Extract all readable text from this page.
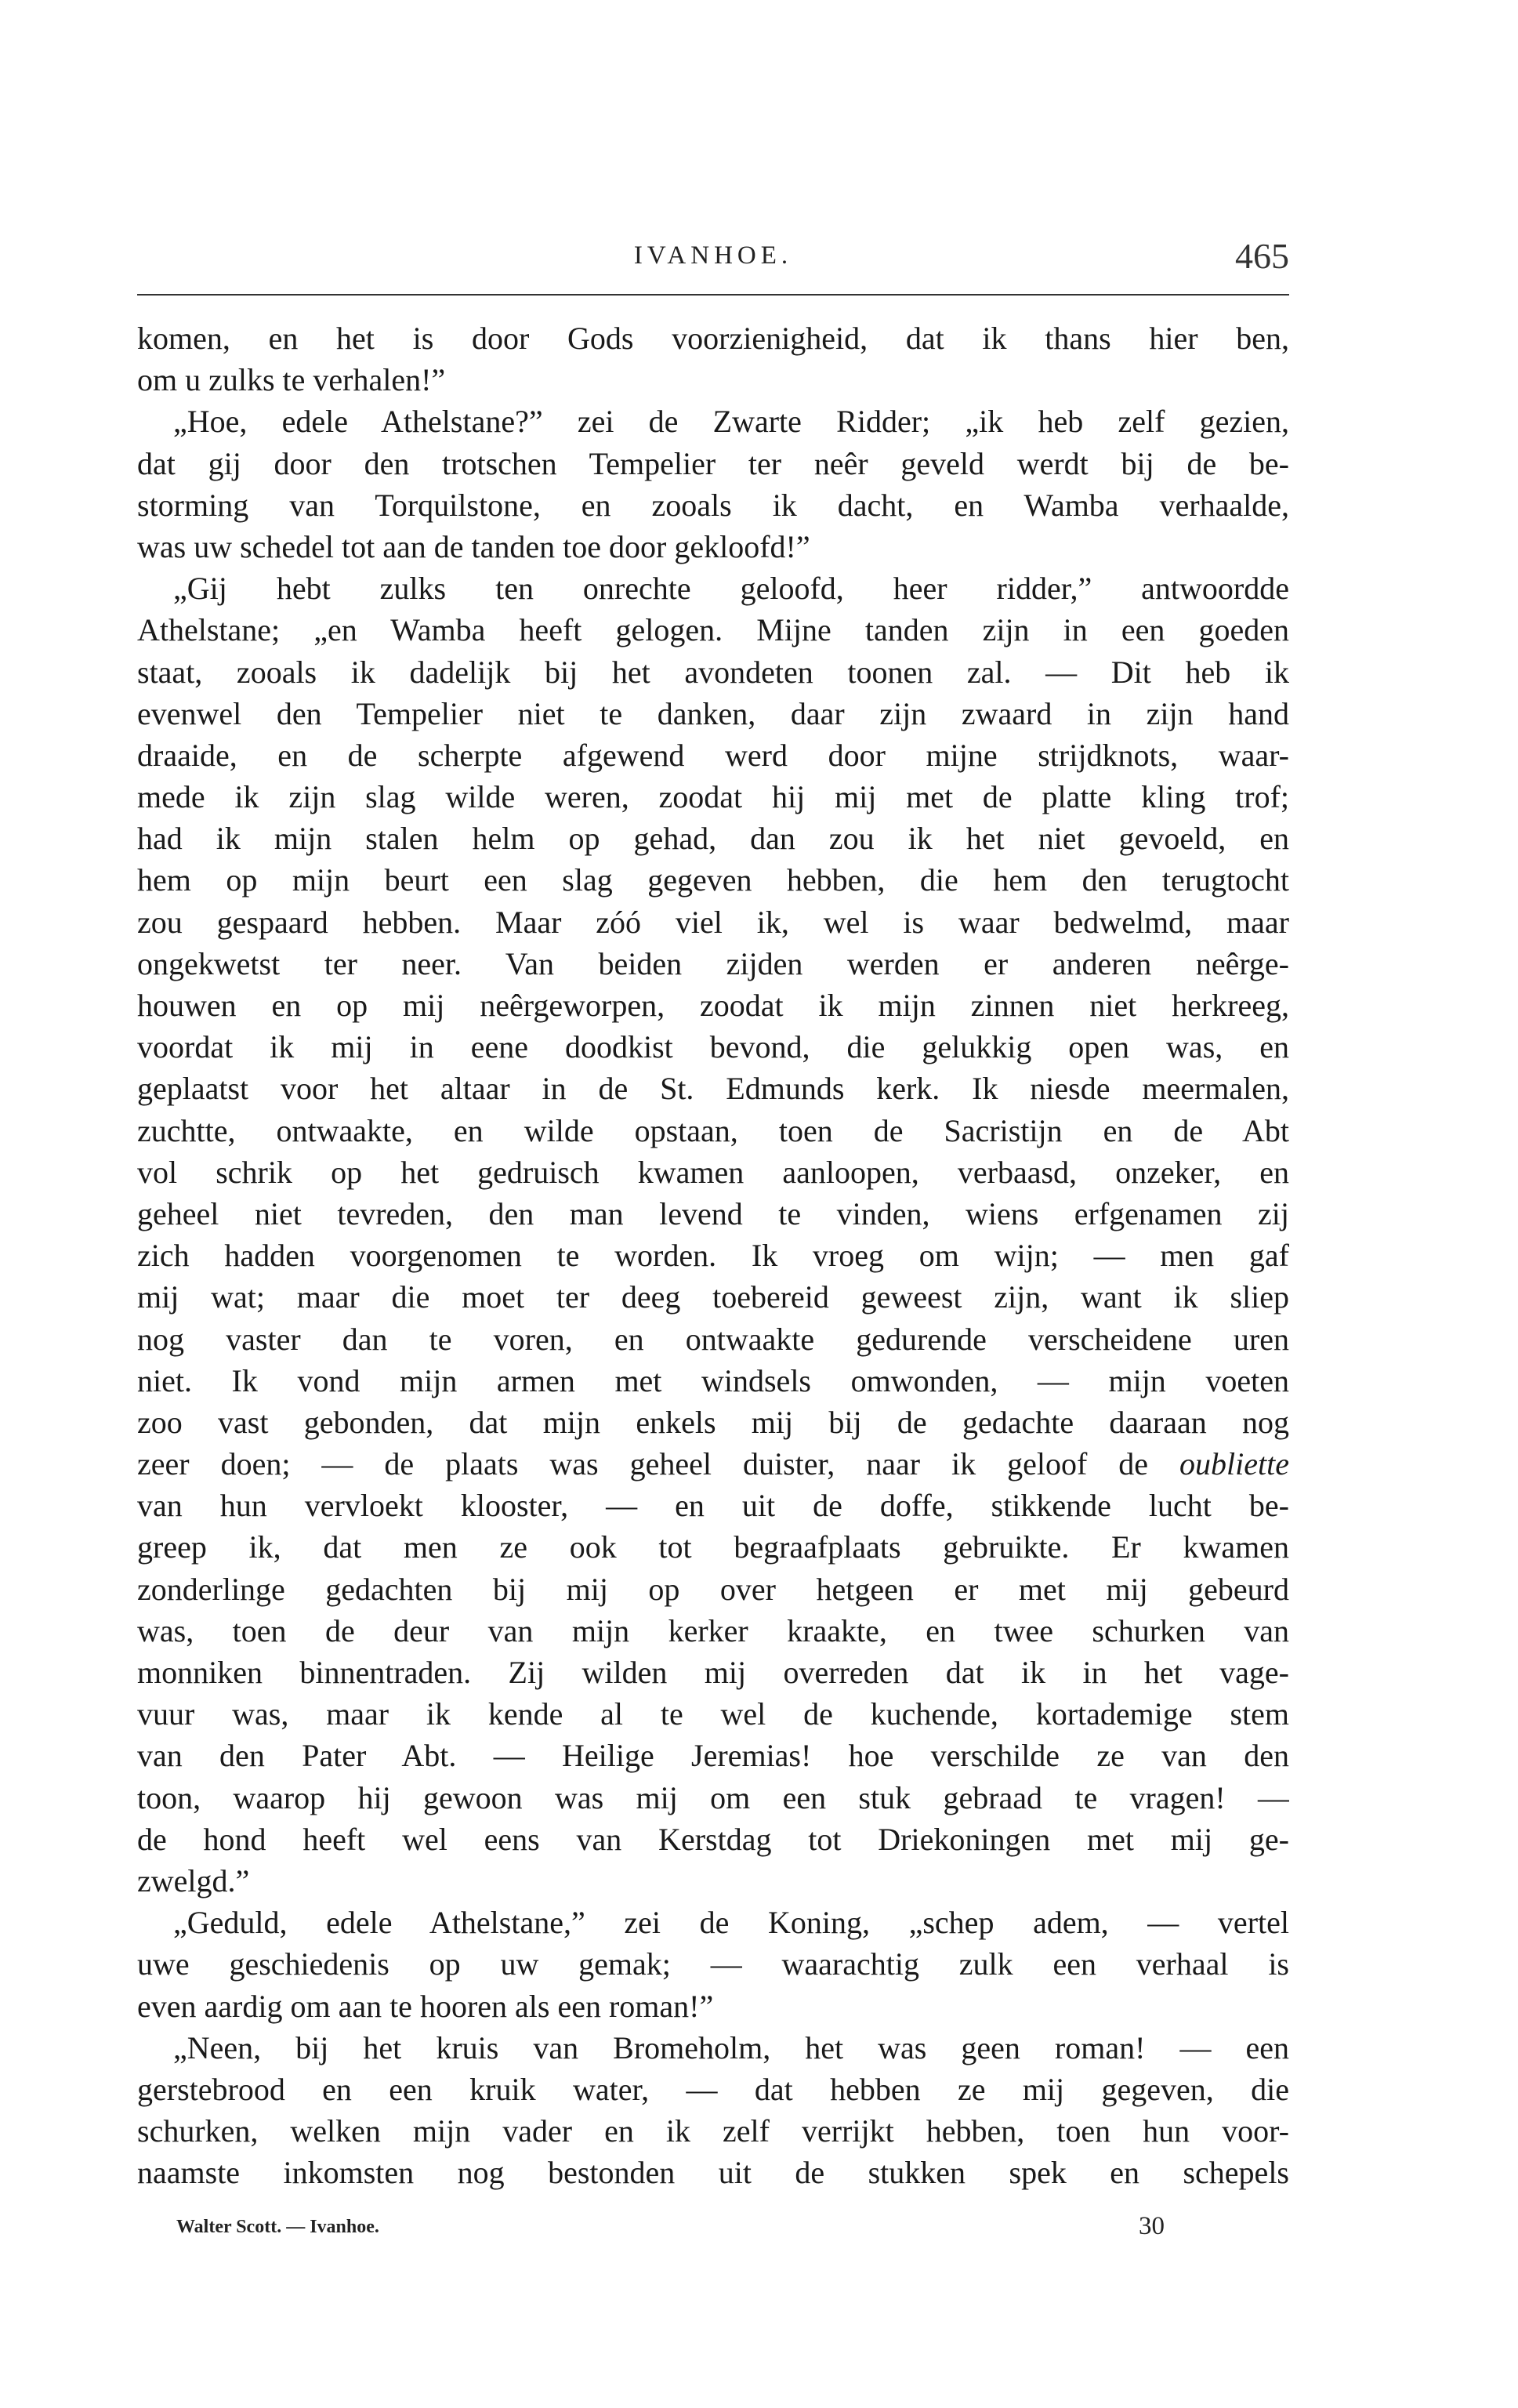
IVANHOE.	465
komen, en het is door Gods voorzienigheid, dat ik thans hier ben,
om u zulks te verhalen!”
„Hoe, edele Athelstane?” zei de Zwarte Ridder; „ik heb zelf gezien,
dat gij door den trotschen Tempelier ter neêr geveld werdt bij de be-
storming van Torquilstone, en zooals ik dacht, en Wamba verhaalde,
was uw schedel tot aan de tanden toe door gekloofd!”
„Gij hebt zulks ten onrechte geloofd, heer ridder,” antwoordde
Athelstane; „en Wamba heeft gelogen. Mijne tanden zijn in een goeden
staat, zooals ik dadelijk bij het avondeten toonen zal. — Dit heb ik
evenwel den Tempelier niet te danken, daar zijn zwaard in zijn hand
draaide, en de scherpte afgewend werd door mijne strijdknots, waar-
mede ik zijn slag wilde weren, zoodat hij mij met de platte kling trof;
had ik mijn stalen helm op gehad, dan zou ik het niet gevoeld, en
hem op mijn beurt een slag gegeven hebben, die hem den terugtocht
zou gespaard hebben. Maar zóó viel ik, wel is waar bedwelmd, maar
ongekwetst ter neer. Van beiden zijden werden er anderen neêrge-
houwen en op mij neêrgeworpen, zoodat ik mijn zinnen niet herkreeg,
voordat ik mij in eene doodkist bevond, die gelukkig open was, en
geplaatst voor het altaar in de St. Edmunds kerk. Ik niesde meermalen,
zuchtte, ontwaakte, en wilde opstaan, toen de Sacristijn en de Abt
vol schrik op het gedruisch kwamen aanloopen, verbaasd, onzeker, en
geheel niet tevreden, den man levend te vinden, wiens erfgenamen zij
zich hadden voorgenomen te worden. Ik vroeg om wijn; — men gaf
mij wat; maar die moet ter deeg toebereid geweest zijn, want ik sliep
nog vaster dan te voren, en ontwaakte gedurende verscheidene uren
niet. Ik vond mijn armen met windsels omwonden, — mijn voeten
zoo vast gebonden, dat mijn enkels mij bij de gedachte daaraan nog
zeer doen; — de plaats was geheel duister, naar ik geloof de oubliette
van hun vervloekt klooster, — en uit de doffe, stikkende lucht be-
greep ik, dat men ze ook tot begraafplaats gebruikte. Er kwamen
zonderlinge gedachten bij mij op over hetgeen er met mij gebeurd
was, toen de deur van mijn kerker kraakte, en twee schurken van
monniken binnentraden. Zij wilden mij overreden dat ik in het vage-
vuur was, maar ik kende al te wel de kuchende, kortademige stem
van den Pater Abt. — Heilige Jeremias! hoe verschilde ze van den
toon, waarop hij gewoon was mij om een stuk gebraad te vragen! —
de hond heeft wel eens van Kerstdag tot Driekoningen met mij ge-
zwelgd.”
„Geduld, edele Athelstane,” zei de Koning, „schep adem, — vertel
uwe geschiedenis op uw gemak; — waarachtig zulk een verhaal is
even aardig om aan te hooren als een roman!”
„Neen, bij het kruis van Bromeholm, het was geen roman! — een
gerstebrood en een kruik water, — dat hebben ze mij gegeven, die
schurken, welken mijn vader en ik zelf verrijkt hebben, toen hun voor-
naamste inkomsten nog bestonden uit de stukken spek en schepels
Walter Scott. — Ivanhoe.	30
